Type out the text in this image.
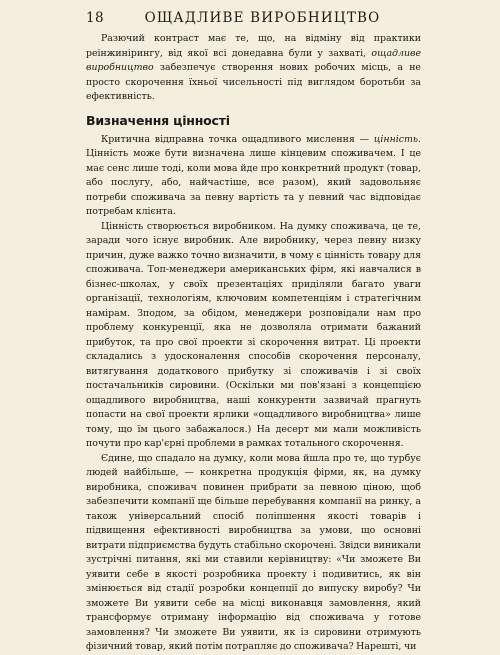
18	ОЩАДЛИВЕ ВИРОБНИЦТВО

Разючий контраст має те, що, на відміну від практики реінжинірингу, від якої всі донедавна були у захваті, ощадливе виробництво забезпечує створення нових робочих місць, а не просто скорочення їхньої чисельності під виглядом боротьби за ефективність.

Визначення цінності

Критична відправна точка ощадливого мислення — цінність. Цінність може бути визначена лише кінцевим споживачем. І це має сенс лише тоді, коли мова йде про конкретний продукт (товар, або послугу, або, найчастіше, все разом), який задовольняє потреби споживача за певну вартість та у певний час відповідає потребам клієнта.

Цінність створюється виробником. На думку споживача, це те, заради чого існує виробник. Але виробнику, через певну низку причин, дуже важко точно визначити, в чому є цінність товару для споживача. Топ-менеджери американських фірм, які навчалися в бізнес-школах, у своїх презентаціях приділяли багато уваги організації, технологіям, ключовим компетенціям і стратегічним намірам. Зподом, за обідом, менеджери розповідали нам про проблему конкуренції, яка не дозволяла отримати бажаний прибуток, та про свої проекти зі скорочення витрат. Ці проекти складались з удосконалення способів скорочення персоналу, витягування додаткового прибутку зі споживачів і зі своїх постачальників сировини. (Оскільки ми пов'язані з концепцією ощадливого виробництва, наші конкуренти зазвичай прагнуть попасти на свої проекти ярлики «ощадливого виробництва» лише тому, що їм цього забажалося.) На десерт ми мали можливість почути про кар'єрні проблеми в рамках тотального скорочення.

Єдине, що спадало на думку, коли мова йшла про те, що турбує людей найбільше, — конкретна продукція фірми, як, на думку виробника, споживач повинен прибрати за певною ціною, щоб забезпечити компанії ще більше перебування компанії на ринку, а також універсальний спосіб поліпшення якості товарів і підвищення ефективності виробництва за умови, що основні витрати підприємства будуть стабільно скорочені. Звідси виникали зустрічні питання, які ми ставили керівництву: «Чи зможете Ви уявити себе в якості розробника проекту і подивитись, як він змінюється від стадії розробки концепції до випуску виробу? Чи зможете Ви уявити себе на місці виконавця замовлення, який трансформує отриману інформацію від споживача у готове замовлення? Чи зможете Ви уявити, як із сировини отримують фізичний товар, який потім потрапляє до споживача? Нарешті, чи
